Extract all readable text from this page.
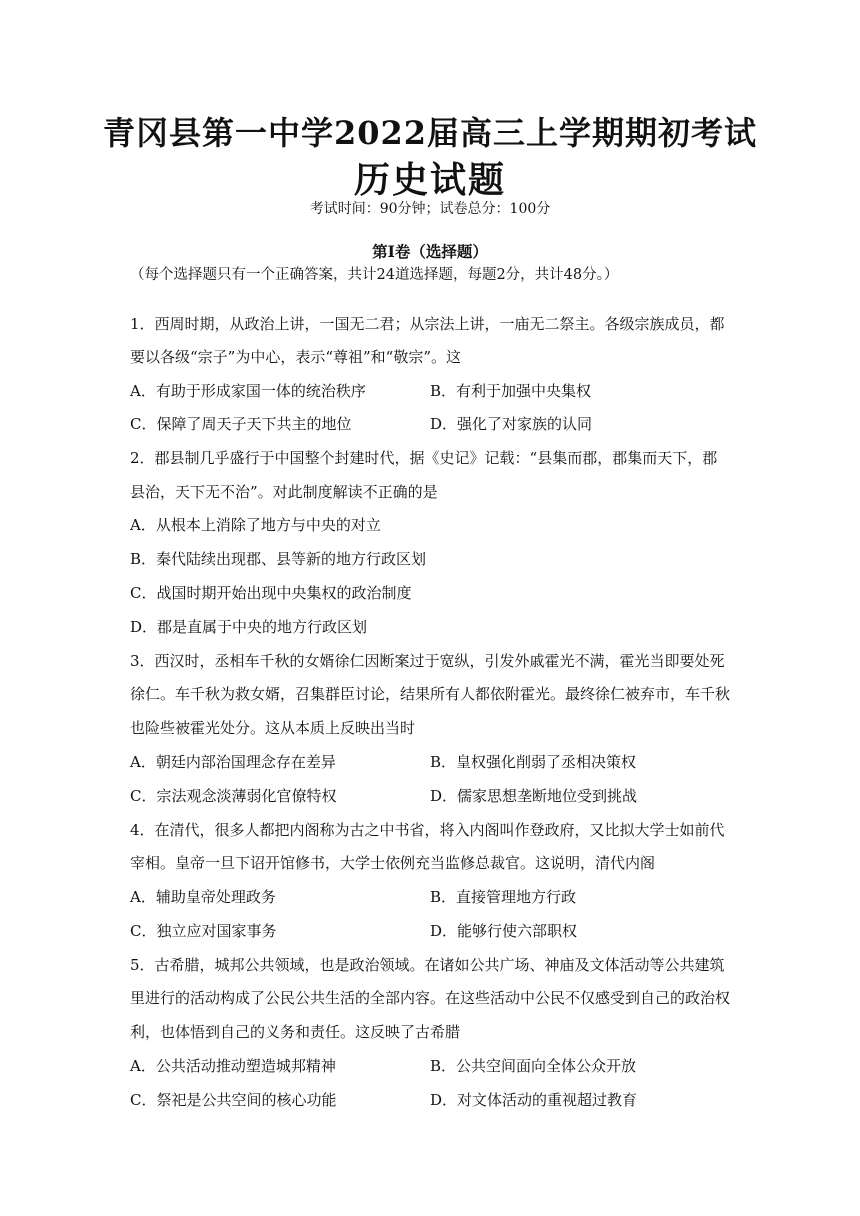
青冈县第一中学2022届高三上学期期初考试
历史试题
考试时间：90分钟；试卷总分：100分
第Ⅰ卷（选择题）
（每个选择题只有一个正确答案，共计24道选择题，每题2分，共计48分。）
1．西周时期，从政治上讲，一国无二君；从宗法上讲，一庙无二祭主。各级宗族成员，都
要以各级“宗子”为中心，表示“尊祖”和“敬宗”。这
A．有助于形成家国一体的统治秩序	B．有利于加强中央集权
C．保障了周天子天下共主的地位	D．强化了对家族的认同
2．郡县制几乎盛行于中国整个封建时代，据《史记》记载：“县集而郡，郡集而天下，郡
县治，天下无不治”。对此制度解读不正确的是
A．从根本上消除了地方与中央的对立
B．秦代陆续出现郡、县等新的地方行政区划
C．战国时期开始出现中央集权的政治制度
D．郡是直属于中央的地方行政区划
3．西汉时，丞相车千秋的女婿徐仁因断案过于宽纵，引发外戚霍光不满，霍光当即要处死
徐仁。车千秋为救女婿，召集群臣讨论，结果所有人都依附霍光。最终徐仁被弃市，车千秋
也险些被霍光处分。这从本质上反映出当时
A．朝廷内部治国理念存在差异	B．皇权强化削弱了丞相决策权
C．宗法观念淡薄弱化官僚特权	D．儒家思想垄断地位受到挑战
4．在清代，很多人都把内阁称为古之中书省，将入内阁叫作登政府，又比拟大学士如前代
宰相。皇帝一旦下诏开馆修书，大学士依例充当监修总裁官。这说明，清代内阁
A．辅助皇帝处理政务	B．直接管理地方行政
C．独立应对国家事务	D．能够行使六部职权
5．古希腊，城邦公共领域，也是政治领域。在诸如公共广场、神庙及文体活动等公共建筑
里进行的活动构成了公民公共生活的全部内容。在这些活动中公民不仅感受到自己的政治权
利，也体悟到自己的义务和责任。这反映了古希腊
A．公共活动推动塑造城邦精神	B．公共空间面向全体公众开放
C．祭祀是公共空间的核心功能	D．对文体活动的重视超过教育
